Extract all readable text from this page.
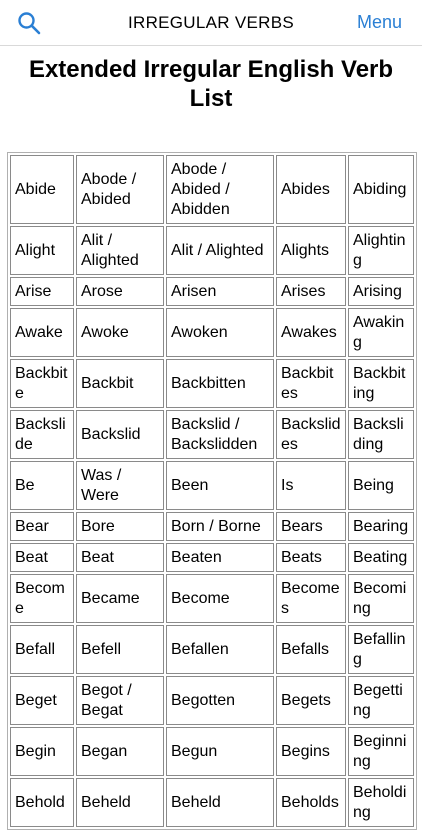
IRREGULAR VERBS	Menu
Extended Irregular English Verb List
Abide	Abode / Abided	Abode / Abided / Abidden	Abides	Abiding
Alight	Alit / Alighted	Alit / Alighted	Alights	Alighting
Arise	Arose	Arisen	Arises	Arising
Awake	Awoke	Awoken	Awakes	Awaking
Backbite	Backbit	Backbitten	Backbites	Backbiting
Backslide	Backslid	Backslid / Backslidden	Backslides	Backsliding
Be	Was / Were	Been	Is	Being
Bear	Bore	Born / Borne	Bears	Bearing
Beat	Beat	Beaten	Beats	Beating
Become	Became	Become	Becomes	Becoming
Befall	Befell	Befallen	Befalls	Befalling
Beget	Begot / Begat	Begotten	Begets	Begetting
Begin	Began	Begun	Begins	Beginning
Behold	Beheld	Beheld	Beholds	Beholding
